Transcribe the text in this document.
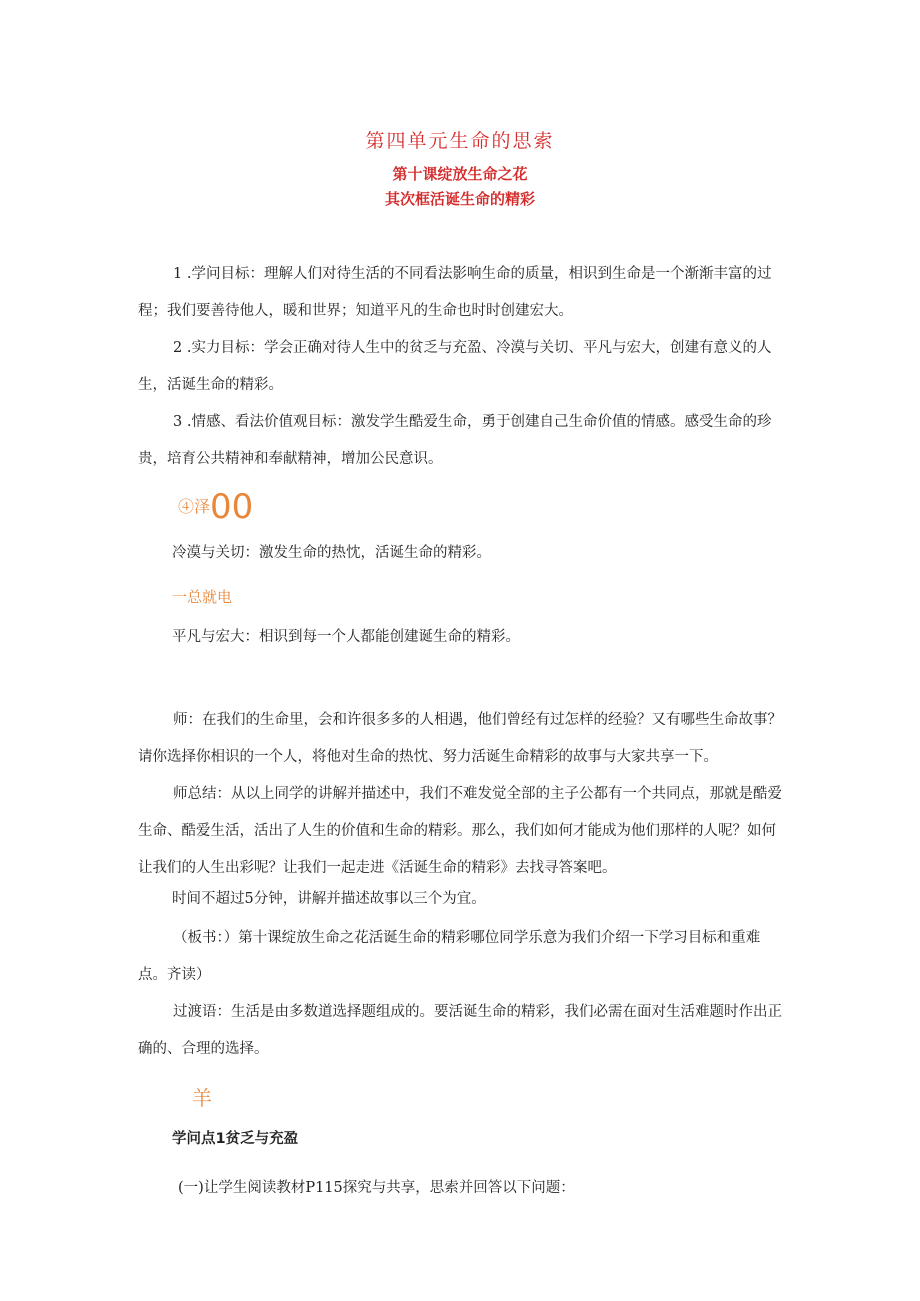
第四单元生命的思索
第十课绽放生命之花
其次框活诞生命的精彩

1 .学问目标：理解人们对待生活的不同看法影响生命的质量，相识到生命是一个渐渐丰富的过程；我们要善待他人，暖和世界；知道平凡的生命也时时创建宏大。

2 .实力目标：学会正确对待人生中的贫乏与充盈、冷漠与关切、平凡与宏大，创建有意义的人生，活诞生命的精彩。

3 .情感、看法价值观目标：激发学生酷爱生命，勇于创建自己生命价值的情感。感受生命的珍贵，培育公共精神和奉献精神，增加公民意识。

④泽00
冷漠与关切：激发生命的热忱，活诞生命的精彩。
一总就电
平凡与宏大：相识到每一个人都能创建诞生命的精彩。

师：在我们的生命里，会和许很多多的人相遇，他们曾经有过怎样的经验？又有哪些生命故事？请你选择你相识的一个人，将他对生命的热忱、努力活诞生命精彩的故事与大家共享一下。

师总结：从以上同学的讲解并描述中，我们不难发觉全部的主子公都有一个共同点，那就是酷爱生命、酷爱生活，活出了人生的价值和生命的精彩。那么，我们如何才能成为他们那样的人呢？如何让我们的人生出彩呢？让我们一起走进《活诞生命的精彩》去找寻答案吧。

时间不超过5分钟，讲解并描述故事以三个为宜。

（板书：）第十课绽放生命之花活诞生命的精彩哪位同学乐意为我们介绍一下学习目标和重难点。齐读）

过渡语：生活是由多数道选择题组成的。要活诞生命的精彩，我们必需在面对生活难题时作出正确的、合理的选择。

羊
学问点1贫乏与充盈
(一)让学生阅读教材P115探究与共享，思索并回答以下问题：
